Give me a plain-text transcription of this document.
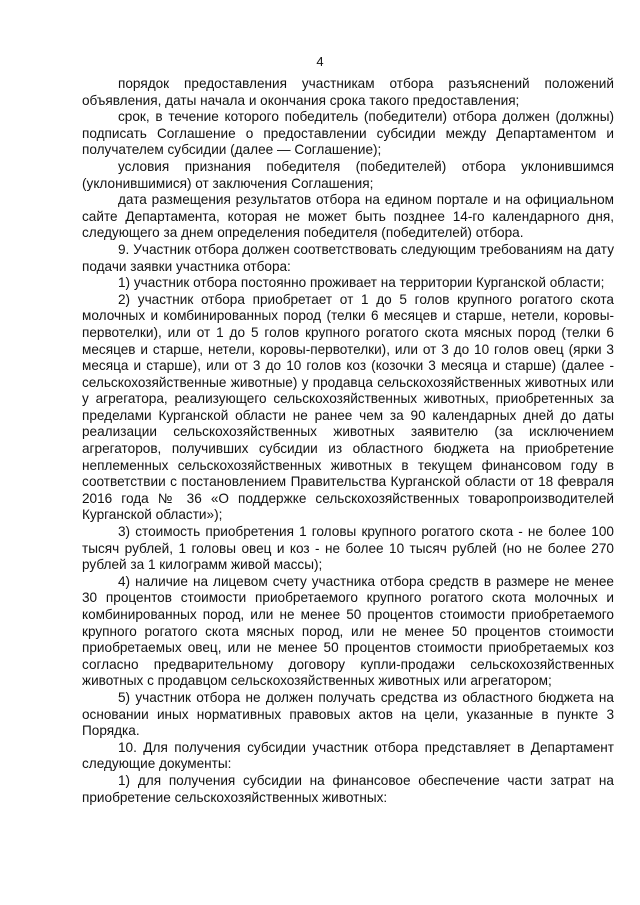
4

порядок предоставления участникам отбора разъяснений положений объявления, даты начала и окончания срока такого предоставления;

срок, в течение которого победитель (победители) отбора должен (должны) подписать Соглашение о предоставлении субсидии между Департаментом и получателем субсидии (далее — Соглашение);

условия признания победителя (победителей) отбора уклонившимся (уклонившимися) от заключения Соглашения;

дата размещения результатов отбора на едином портале и на официальном сайте Департамента, которая не может быть позднее 14-го календарного дня, следующего за днем определения победителя (победителей) отбора.

9. Участник отбора должен соответствовать следующим требованиям на дату подачи заявки участника отбора:

1) участник отбора постоянно проживает на территории Курганской области;

2) участник отбора приобретает от 1 до 5 голов крупного рогатого скота молочных и комбинированных пород (телки 6 месяцев и старше, нетели, коровы-первотелки), или от 1 до 5 голов крупного рогатого скота мясных пород (телки 6 месяцев и старше, нетели, коровы-первотелки), или от 3 до 10 голов овец (ярки 3 месяца и старше), или от 3 до 10 голов коз (козочки 3 месяца и старше) (далее - сельскохозяйственные животные) у продавца сельскохозяйственных животных или у агрегатора, реализующего сельскохозяйственных животных, приобретенных за пределами Курганской области не ранее чем за 90 календарных дней до даты реализации сельскохозяйственных животных заявителю (за исключением агрегаторов, получивших субсидии из областного бюджета на приобретение неплеменных сельскохозяйственных животных в текущем финансовом году в соответствии с постановлением Правительства Курганской области от 18 февраля 2016 года № 36 «О поддержке сельскохозяйственных товаропроизводителей Курганской области»);

3) стоимость приобретения 1 головы крупного рогатого скота - не более 100 тысяч рублей, 1 головы овец и коз - не более 10 тысяч рублей (но не более 270 рублей за 1 килограмм живой массы);

4) наличие на лицевом счету участника отбора средств в размере не менее 30 процентов стоимости приобретаемого крупного рогатого скота молочных и комбинированных пород, или не менее 50 процентов стоимости приобретаемого крупного рогатого скота мясных пород, или не менее 50 процентов стоимости приобретаемых овец, или не менее 50 процентов стоимости приобретаемых коз согласно предварительному договору купли-продажи сельскохозяйственных животных с продавцом сельскохозяйственных животных или агрегатором;

5) участник отбора не должен получать средства из областного бюджета на основании иных нормативных правовых актов на цели, указанные в пункте 3 Порядка.

10. Для получения субсидии участник отбора представляет в Департамент следующие документы:

1) для получения субсидии на финансовое обеспечение части затрат на приобретение сельскохозяйственных животных:
